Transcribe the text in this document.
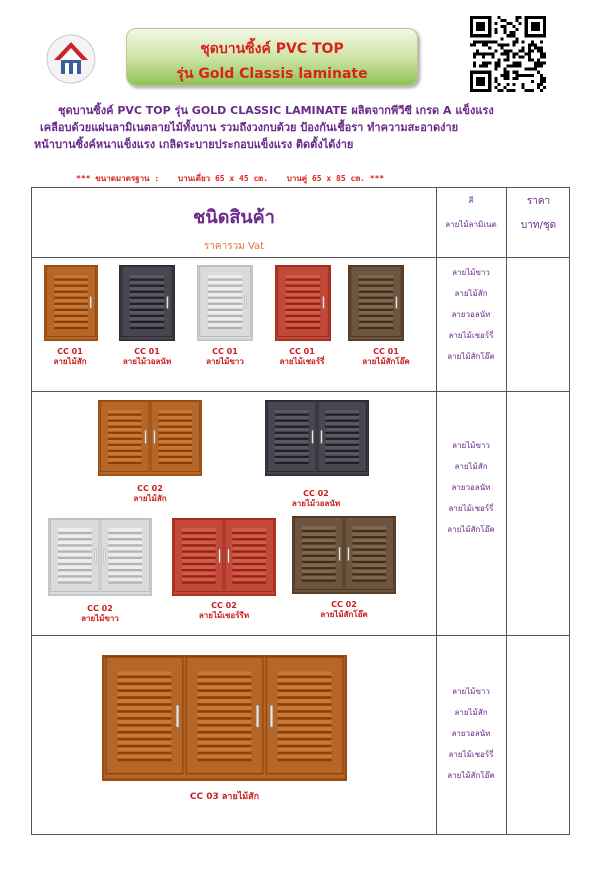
ชุดบานซิ้งค์ PVC TOP
รุ่น Gold Classis laminate
ชุดบานซิ้งค์ PVC TOP รุ่น GOLD CLASSIC LAMINATE ผลิตจากพีวีซี เกรด A แข็งแรง
เคลือบด้วยแผ่นลามิเนตลายไม้ทั้งบาน รวมถึงวงกบด้วย ป้องกันเชื้อรา ทำความสะอาดง่าย
หน้าบานซิ้งค์หนาแข็งแรง เกลิดระบายประกอบแข็งแรง ติดตั้งได้ง่าย
*** ขนาดมาตรฐาน : บานเดี่ยว 65 x 45 cm. บานคู่ 65 x 85 cm. ***
ชนิดสินค้า
ราคารวม Vat
สี
ลายไม้ลามิเนต
ราคา
บาท/ชุด
CC 01
ลายไม้สัก
CC 01
ลายไม้วอลนัท
CC 01
ลายไม้ขาว
CC 01
ลายไม้เชอร์รี่
CC 01
ลายไม้สักโอ๊ค
ลายไม้ขาว
ลายไม้สัก
ลายวอลนัท
ลายไม้เชอร์รี่
ลายไม้สักโอ๊ค
CC 02
ลายไม้สัก
CC 02
ลายไม้วอลนัท
CC 02
ลายไม้ขาว
CC 02
ลายไม้เชอร์รีท
CC 02
ลายไม้สักโอ๊ค
ลายไม้ขาว
ลายไม้สัก
ลายวอลนัท
ลายไม้เชอร์รี่
ลายไม้สักโอ๊ค
CC 03 ลายไม้สัก
ลายไม้ขาว
ลายไม้สัก
ลายวอลนัท
ลายไม้เชอร์รี่
ลายไม้สักโอ๊ค
